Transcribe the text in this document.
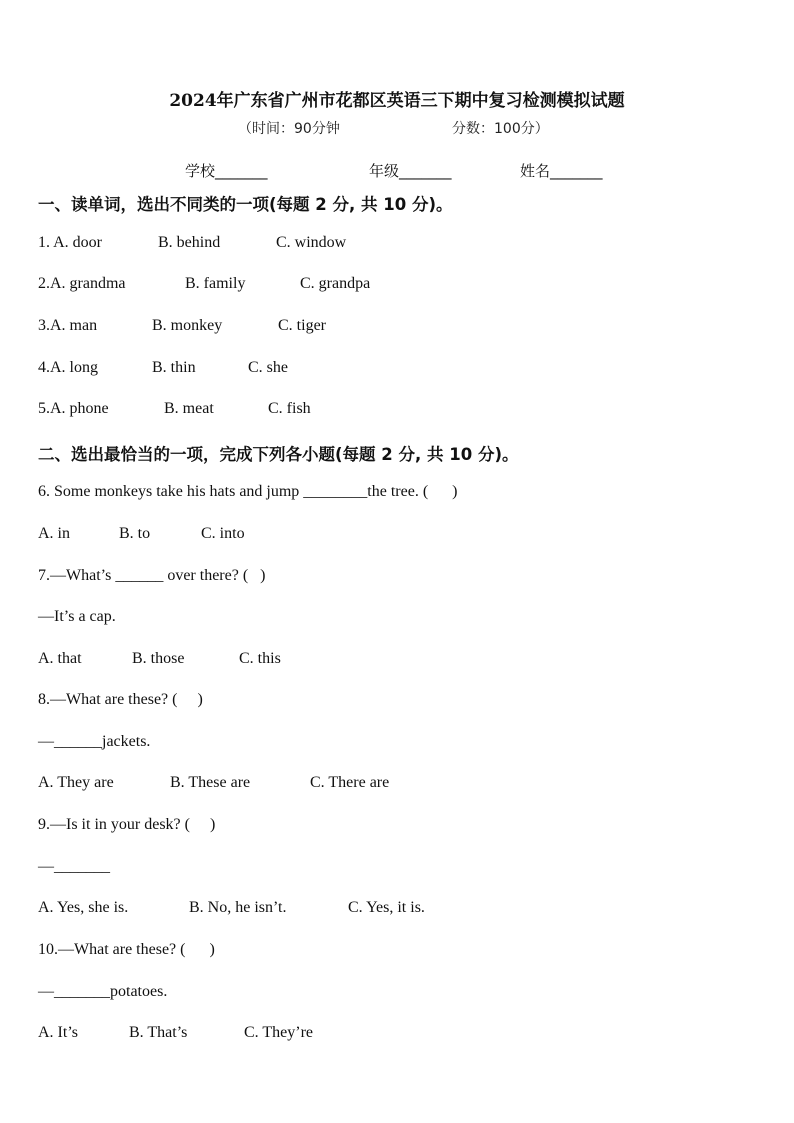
2024年广东省广州市花都区英语三下期中复习检测模拟试题
（时间：90分钟	分数：100分）
学校_______	年级_______	姓名_______
一、读单词，选出不同类的一项(每题 2 分, 共 10 分)。
1. A. door	B. behind	C. window
2.A. grandma	B. family	C. grandpa
3.A. man	B. monkey	C. tiger
4.A. long	B. thin	C. she
5.A. phone	B. meat	C. fish
二、选出最恰当的一项，完成下列各小题(每题 2 分, 共 10 分)。
6. Some monkeys take his hats and jump ________the tree. (      )
A. in	B. to	C. into
7.—What’s ______ over there? (   )
—It’s a cap.
A. that	B. those	C. this
8.—What are these? (     )
—______jackets.
A. They are	B. These are	C. There are
9.—Is it in your desk? (     )
—_______
A. Yes, she is.	B. No, he isn’t.	C. Yes, it is.
10.—What are these? (      )
—_______potatoes.
A. It’s	B. That’s	C. They’re
